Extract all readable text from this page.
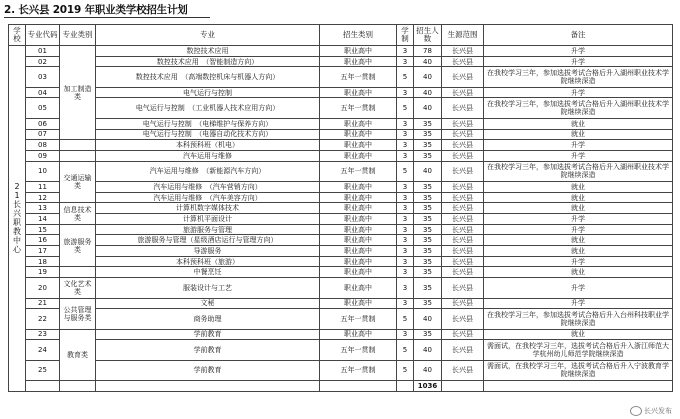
2. 长兴县 2019 年职业类学校招生计划
学校	专业代码	专业类别	专业	招生类别	学制	招生人数	生源范围	备注
21长兴职教中心	01	加工制造类	数控技术应用	职业高中	3	78	长兴县	升学
	02		数控技术应用　（智能制造方向）	职业高中	3	40	长兴县	升学
	03		数控技术应用　（高端数控机床与机器人方向）	五年一贯制	5	40	长兴县	在我校学习三年，参加选拔考试合格后升入湖州职业技术学院继续深造
	04		电气运行与控制	职业高中	3	40	长兴县	升学
	05		电气运行与控制　（工业机器人技术应用方向）	五年一贯制	5	40	长兴县	在我校学习三年，参加选拔考试合格后升入湖州职业技术学院继续深造
	06		电气运行与控制　（电梯维护与保养方向）	职业高中	3	35	长兴县	就业
	07		电气运行与控制　（电器自动化技术方向）	职业高中	3	35	长兴县	就业
	08		本科预科班（机电）	职业高中	3	35	长兴县	升学
	09		汽车运用与维修	职业高中	3	35	长兴县	升学
	10	交通运输类	汽车运用与维修　（新能源汽车方向）	五年一贯制	5	40	长兴县	在我校学习三年，参加选拔考试合格后升入湖州职业技术学院继续深造
	11		汽车运用与维修　（汽车营销方向）	职业高中	3	35	长兴县	就业
	12		汽车运用与维修　（汽车美容方向）	职业高中	3	35	长兴县	就业
	13	信息技术类	计算机数字媒体技术	职业高中	3	35	长兴县	就业
	14		计算机平面设计	职业高中	3	35	长兴县	升学
	15	旅游服务类	旅游服务与管理	职业高中	3	35	长兴县	升学
	16		旅游服务与管理（星级酒店运行与管理方向）	职业高中	3	35	长兴县	就业
	17		导游服务	职业高中	3	35	长兴县	就业
	18		本科预科班（旅游）	职业高中	3	35	长兴县	升学
	19		中餐烹饪	职业高中	3	35	长兴县	就业
	20	文化艺术类	服装设计与工艺	职业高中	3	35	长兴县	升学
	21	公共管理与服务类	文秘	职业高中	3	35	长兴县	升学
	22		商务助理	五年一贯制	5	40	长兴县	在我校学习三年，参加选拔考试合格后升入台州科技职业学院继续深造
	23	教育类	学前教育	职业高中	3	35	长兴县	就业
	24		学前教育	五年一贯制	5	40	长兴县	需面试，在我校学习三年，选拔考试合格后升入浙江师范大学杭州幼儿师范学院继续深造
	25		学前教育	五年一贯制	5	40	长兴县	需面试，在我校学习三年，选拔考试合格后升入宁波教育学院继续深造
						1036		
长兴发布
